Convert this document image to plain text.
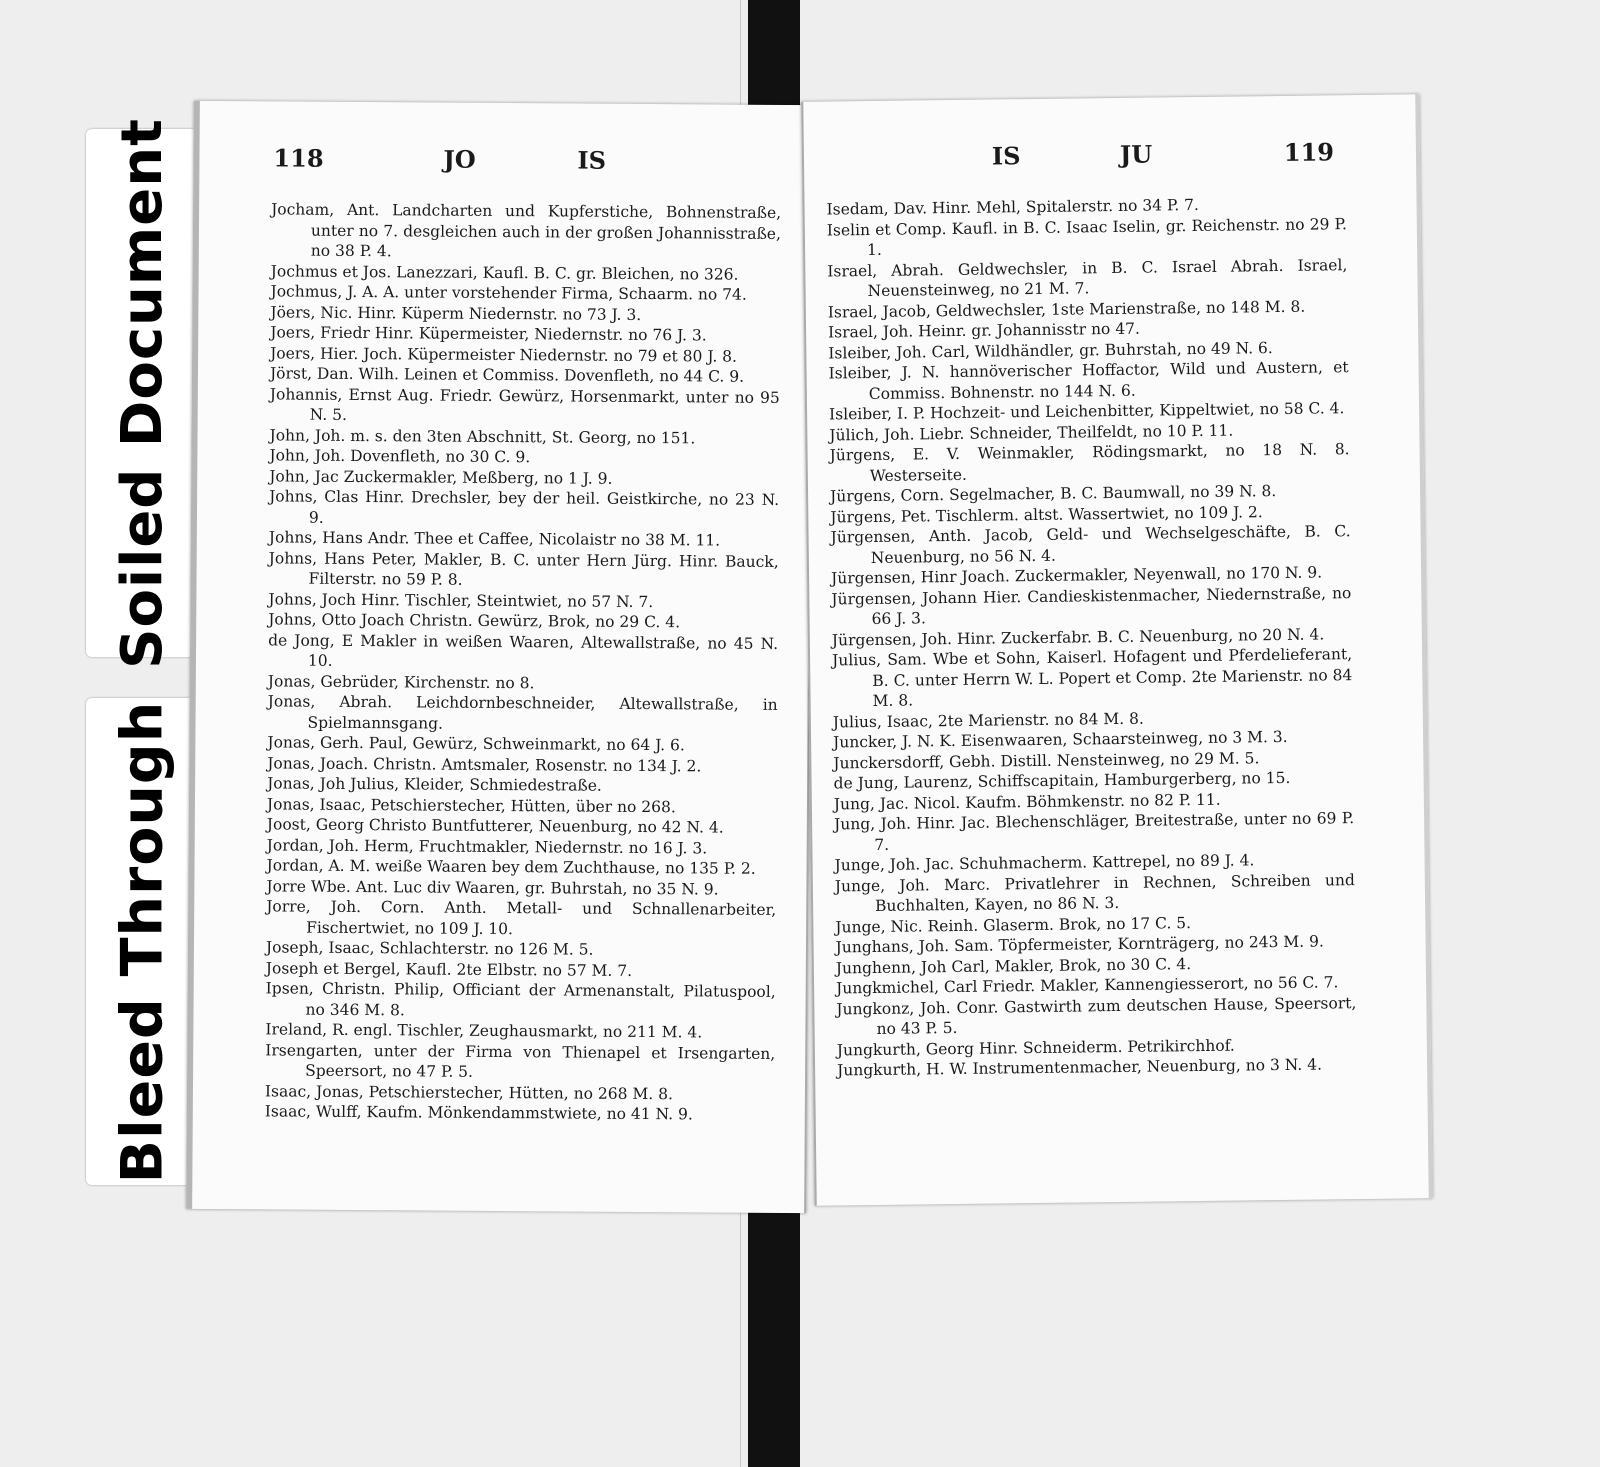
Soiled Document
Bleed Through
118	JO	IS

Jocham, Ant. Landcharten und Kupferstiche, Bohnenstraße, unter no 7. desgleichen auch in der großen Johannisstraße, no 38 P. 4.

Jochmus et Jos. Lanezzari, Kaufl. B. C. gr. Bleichen, no 326.

Jochmus, J. A. A. unter vorstehender Firma, Schaarm. no 74.

Jöers, Nic. Hinr. Küperm Niedernstr. no 73 J. 3.

Joers, Friedr Hinr. Küpermeister, Niedernstr. no 76 J. 3.

Joers, Hier. Joch. Küpermeister Niedernstr. no 79 et 80 J. 8.

Jörst, Dan. Wilh. Leinen et Commiss. Dovenfleth, no 44 C. 9.

Johannis, Ernst Aug. Friedr. Gewürz, Horsenmarkt, unter no 95 N. 5.

John, Joh. m. s. den 3ten Abschnitt, St. Georg, no 151.

John, Joh. Dovenfleth, no 30 C. 9.

John, Jac Zuckermakler, Meßberg, no 1 J. 9.

Johns, Clas Hinr. Drechsler, bey der heil. Geistkirche, no 23 N. 9.

Johns, Hans Andr. Thee et Caffee, Nicolaistr no 38 M. 11.

Johns, Hans Peter, Makler, B. C. unter Hern Jürg. Hinr. Bauck, Filterstr. no 59 P. 8.

Johns, Joch Hinr. Tischler, Steintwiet, no 57 N. 7.

Johns, Otto Joach Christn. Gewürz, Brok, no 29 C. 4.

de Jong, E Makler in weißen Waaren, Altewallstraße, no 45 N. 10.

Jonas, Gebrüder, Kirchenstr. no 8.

Jonas, Abrah. Leichdornbeschneider, Altewallstraße, in Spielmannsgang.

Jonas, Gerh. Paul, Gewürz, Schweinmarkt, no 64 J. 6.

Jonas, Joach. Christn. Amtsmaler, Rosenstr. no 134 J. 2.

Jonas, Joh Julius, Kleider, Schmiedestraße.

Jonas, Isaac, Petschierstecher, Hütten, über no 268.

Joost, Georg Christo Buntfutterer, Neuenburg, no 42 N. 4.

Jordan, Joh. Herm, Fruchtmakler, Niedernstr. no 16 J. 3.

Jordan, A. M. weiße Waaren bey dem Zuchthause, no 135 P. 2.

Jorre Wbe. Ant. Luc div Waaren, gr. Buhrstah, no 35 N. 9.

Jorre, Joh. Corn. Anth. Metall- und Schnallenarbeiter, Fischertwiet, no 109 J. 10.

Joseph, Isaac, Schlachterstr. no 126 M. 5.

Joseph et Bergel, Kaufl. 2te Elbstr. no 57 M. 7.

Ipsen, Christn. Philip, Officiant der Armenanstalt, Pilatuspool, no 346 M. 8.

Ireland, R. engl. Tischler, Zeughausmarkt, no 211 M. 4.

Irsengarten, unter der Firma von Thienapel et Irsengarten, Speersort, no 47 P. 5.

Isaac, Jonas, Petschierstecher, Hütten, no 268 M. 8.

Isaac, Wulff, Kaufm. Mönkendammstwiete, no 41 N. 9.

IS	JU	119

Isedam, Dav. Hinr. Mehl, Spitalerstr. no 34 P. 7.

Iselin et Comp. Kaufl. in B. C. Isaac Iselin, gr. Reichenstr. no 29 P. 1.

Israel, Abrah. Geldwechsler, in B. C. Israel Abrah. Israel, Neuensteinweg, no 21 M. 7.

Israel, Jacob, Geldwechsler, 1ste Marienstraße, no 148 M. 8.

Israel, Joh. Heinr. gr. Johannisstr no 47.

Isleiber, Joh. Carl, Wildhändler, gr. Buhrstah, no 49 N. 6.

Isleiber, J. N. hannöverischer Hoffactor, Wild und Austern, et Commiss. Bohnenstr. no 144 N. 6.

Isleiber, I. P. Hochzeit- und Leichenbitter, Kippeltwiet, no 58 C. 4.

Jülich, Joh. Liebr. Schneider, Theilfeldt, no 10 P. 11.

Jürgens, E. V. Weinmakler, Rödingsmarkt, no 18 N. 8. Westerseite.

Jürgens, Corn. Segelmacher, B. C. Baumwall, no 39 N. 8.

Jürgens, Pet. Tischlerm. altst. Wassertwiet, no 109 J. 2.

Jürgensen, Anth. Jacob, Geld- und Wechselgeschäfte, B. C. Neuenburg, no 56 N. 4.

Jürgensen, Hinr Joach. Zuckermakler, Neyenwall, no 170 N. 9.

Jürgensen, Johann Hier. Candieskistenmacher, Niedernstraße, no 66 J. 3.

Jürgensen, Joh. Hinr. Zuckerfabr. B. C. Neuenburg, no 20 N. 4.

Julius, Sam. Wbe et Sohn, Kaiserl. Hofagent und Pferdelieferant, B. C. unter Herrn W. L. Popert et Comp. 2te Marienstr. no 84 M. 8.

Julius, Isaac, 2te Marienstr. no 84 M. 8.

Juncker, J. N. K. Eisenwaaren, Schaarsteinweg, no 3 M. 3.

Junckersdorff, Gebh. Distill. Nensteinweg, no 29 M. 5.

de Jung, Laurenz, Schiffscapitain, Hamburgerberg, no 15.

Jung, Jac. Nicol. Kaufm. Böhmkenstr. no 82 P. 11.

Jung, Joh. Hinr. Jac. Blechenschläger, Breitestraße, unter no 69 P. 7.

Junge, Joh. Jac. Schuhmacherm. Kattrepel, no 89 J. 4.

Junge, Joh. Marc. Privatlehrer in Rechnen, Schreiben und Buchhalten, Kayen, no 86 N. 3.

Junge, Nic. Reinh. Glaserm. Brok, no 17 C. 5.

Junghans, Joh. Sam. Töpfermeister, Kornträgerg, no 243 M. 9.

Junghenn, Joh Carl, Makler, Brok, no 30 C. 4.

Jungkmichel, Carl Friedr. Makler, Kannengiesserort, no 56 C. 7.

Jungkonz, Joh. Conr. Gastwirth zum deutschen Hause, Speersort, no 43 P. 5.

Jungkurth, Georg Hinr. Schneiderm. Petrikirchhof.

Jungkurth, H. W. Instrumentenmacher, Neuenburg, no 3 N. 4.
